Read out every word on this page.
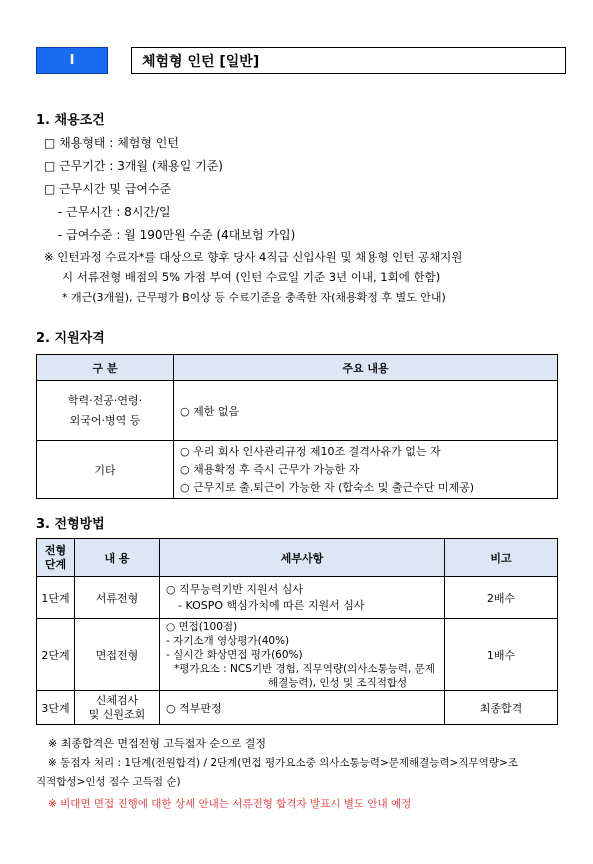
Ⅰ	체험형 인턴 [일반]
1. 채용조건
□ 채용형태 : 체험형 인턴
□ 근무기간 : 3개월 (채용일 기준)
□ 근무시간 및 급여수준
- 근무시간 : 8시간/일
- 급여수준 : 월 190만원 수준 (4대보험 가입)
※ 인턴과정 수료자*를 대상으로 향후 당사 4직급 신입사원 및 채용형 인턴 공채지원
시 서류전형 배점의 5% 가점 부여 (인턴 수료일 기준 3년 이내, 1회에 한함)
* 개근(3개월), 근무평가 B이상 등 수료기준을 충족한 자(채용확정 후 별도 안내)
2. 지원자격
구 분	주요 내용

학력·전공·연령·
외국어·병역 등	○ 제한 없음
기타	○ 우리 회사 인사관리규정 제10조 결격사유가 없는 자
○ 채용확정 후 즉시 근무가 가능한 자
○ 근무지로 출.퇴근이 가능한 자 (합숙소 및 출근수단 미제공)
3. 전형방법
전형
단계	내 용	세부사항	비고
1단계	서류전형	○ 직무능력기반 지원서 심사
- KOSPO 핵심가치에 따른 지원서 심사	2배수
2단계	면접전형	○ 면접(100점)
- 자기소개 영상평가(40%)
- 실시간 화상면접 평가(60%)
*평가요소 : NCS기반 경험, 직무역량(의사소통능력, 문제
해결능력), 인성 및 조직적합성	1배수
3단계	신체검사
및 신원조회	○ 적부판정	최종합격
※ 최종합격은 면접전형 고득점자 순으로 결정
※ 동점자 처리 : 1단계(전원합격) / 2단계(면접 평가요소중 의사소통능력>문제해결능력>직무역량>조
직적합성>인성 점수 고득점 순)
※ 비대면 면접 진행에 대한 상세 안내는 서류전형 합격자 발표시 별도 안내 예정
